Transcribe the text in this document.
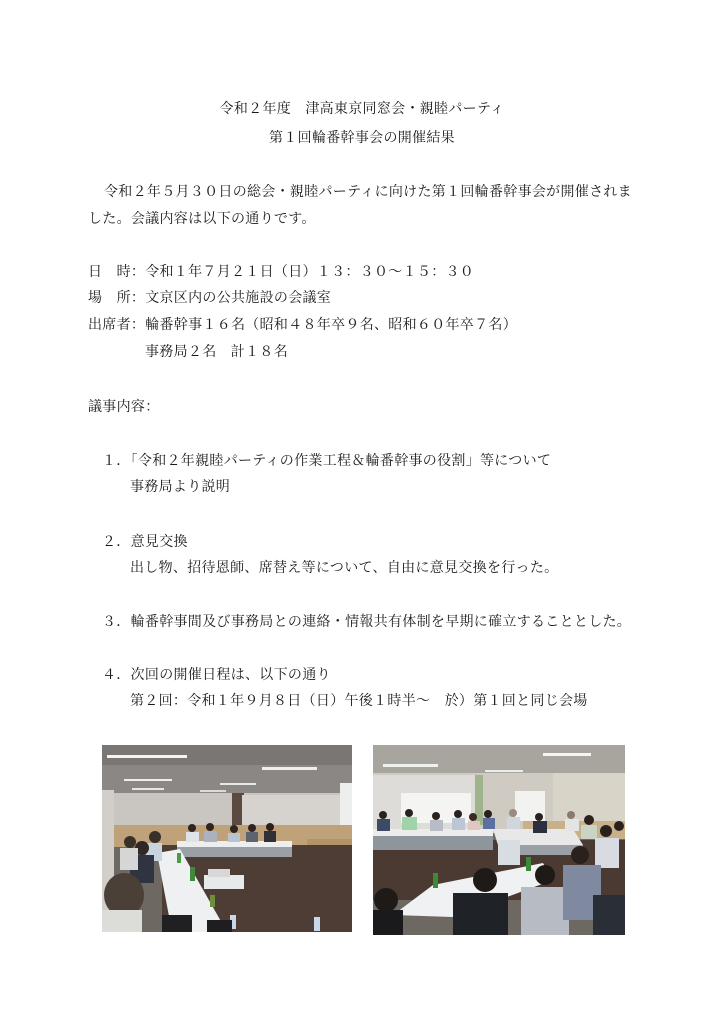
令和２年度　津高東京同窓会・親睦パーティ
第１回輪番幹事会の開催結果
令和２年５月３０日の総会・親睦パーティに向けた第１回輪番幹事会が開催されま
した。会議内容は以下の通りです。
日　時：令和１年７月２１日（日）１３：３０～１５：３０
場　所：文京区内の公共施設の会議室
出席者：輪番幹事１６名（昭和４８年卒９名、昭和６０年卒７名）
事務局２名　計１８名
議事内容：
１．「令和２年親睦パーティの作業工程＆輪番幹事の役割」等について
事務局より説明
２．意見交換
出し物、招待恩師、席替え等について、自由に意見交換を行った。
３．輪番幹事間及び事務局との連絡・情報共有体制を早期に確立することとした。
４．次回の開催日程は、以下の通り
第２回：令和１年９月８日（日）午後１時半～　於）第１回と同じ会場
